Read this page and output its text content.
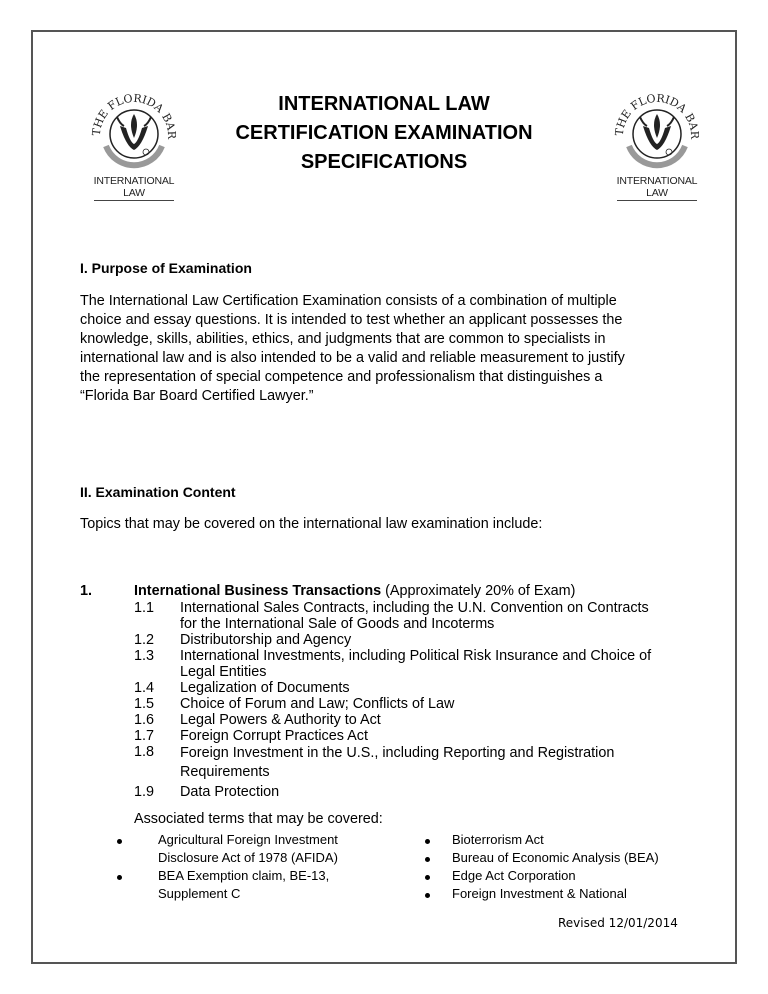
THE FLORIDA BAR
INTERNATIONAL
LAW
THE FLORIDA BAR
INTERNATIONAL
LAW
INTERNATIONAL LAW
CERTIFICATION EXAMINATION
SPECIFICATIONS
I. Purpose of Examination
The International Law Certification Examination consists of a combination of multiple
choice and essay questions. It is intended to test whether an applicant possesses the
knowledge, skills, abilities, ethics, and judgments that are common to specialists in
international law and is also intended to be a valid and reliable measurement to justify
the representation of special competence and professionalism that distinguishes a
“Florida Bar Board Certified Lawyer.”
II. Examination Content
Topics that may be covered on the international law examination include:
1.	International Business Transactions (Approximately 20% of Exam)
1.1 International Sales Contracts, including the U.N. Convention on Contracts
for the International Sale of Goods and Incoterms
1.2 Distributorship and Agency
1.3 International Investments, including Political Risk Insurance and Choice of
Legal Entities
1.4 Legalization of Documents
1.5 Choice of Forum and Law; Conflicts of Law
1.6 Legal Powers & Authority to Act
1.7 Foreign Corrupt Practices Act
1.8 Foreign Investment in the U.S., including Reporting and Registration
Requirements
1.9 Data Protection
Associated terms that may be covered:
Agricultural Foreign Investment
Disclosure Act of 1978 (AFIDA)
BEA Exemption claim, BE-13,
Supplement C
Bioterrorism Act
Bureau of Economic Analysis (BEA)
Edge Act Corporation
Foreign Investment & National
Revised 12/01/2014
